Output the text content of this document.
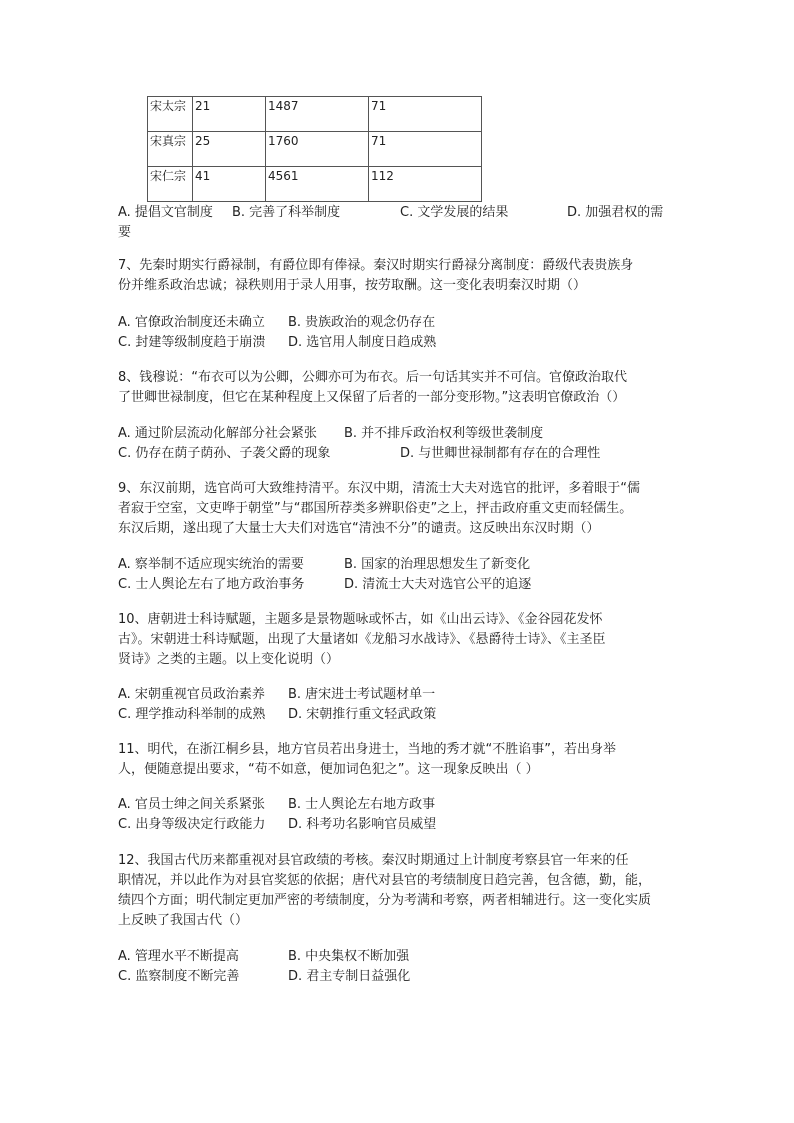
宋太宗	21	1487	71
宋真宗	25	1760	71
宋仁宗	41	4561	112
A. 提倡文官制度 B. 完善了科举制度	C. 文学发展的结果	D. 加强君权的需
要
7、先秦时期实行爵禄制，有爵位即有俸禄。秦汉时期实行爵禄分离制度：爵级代表贵族身
份并维系政治忠诚；禄秩则用于录人用事，按劳取酬。这一变化表明秦汉时期（）
A. 官僚政治制度还未确立 B. 贵族政治的观念仍存在
C. 封建等级制度趋于崩溃 D. 选官用人制度日趋成熟
8、钱穆说：“布衣可以为公卿，公卿亦可为布衣。后一句话其实并不可信。官僚政治取代
了世卿世禄制度，但它在某种程度上又保留了后者的一部分变形物。”这表明官僚政治（）
A. 通过阶层流动化解部分社会紧张 B. 并不排斥政治权利等级世袭制度
C. 仍存在荫子荫孙、子袭父爵的现象	D. 与世卿世禄制都有存在的合理性
9、东汉前期，选官尚可大致维持清平。东汉中期，清流士大夫对选官的批评，多着眼于“儒
者寂于空室，文吏哗于朝堂”与“郡国所荐类多辨职俗吏”之上，抨击政府重文吏而轻儒生。
东汉后期，遂出现了大量士大夫们对选官“清浊不分”的谴责。这反映出东汉时期（）
A. 察举制不适应现实统治的需要	B. 国家的治理思想发生了新变化
C. 士人舆论左右了地方政治事务	D. 清流士大夫对选官公平的追逐
10、唐朝进士科诗赋题，主题多是景物题咏或怀古，如《山出云诗》、《金谷园花发怀
古》。宋朝进士科诗赋题，出现了大量诸如《龙船习水战诗》、《悬爵待士诗》、《主圣臣
贤诗》之类的主题。以上变化说明（）
A. 宋朝重视官员政治素养 B. 唐宋进士考试题材单一
C. 理学推动科举制的成熟 D. 宋朝推行重文轻武政策
11、明代，在浙江桐乡县，地方官员若出身进士，当地的秀才就“不胜谄事”，若出身举
人，便随意提出要求，“苟不如意，便加词色犯之”。这一现象反映出（ ）
A. 官员士绅之间关系紧张 B. 士人舆论左右地方政事
C. 出身等级决定行政能力 D. 科考功名影响官员威望
12、我国古代历来都重视对县官政绩的考核。秦汉时期通过上计制度考察县官一年来的任
职情况，并以此作为对县官奖惩的依据；唐代对县官的考绩制度日趋完善，包含德，勤，能，
绩四个方面；明代制定更加严密的考绩制度，分为考满和考察，两者相辅进行。这一变化实质
上反映了我国古代（）
A. 管理水平不断提高	B. 中央集权不断加强
C. 监察制度不断完善	D. 君主专制日益强化
